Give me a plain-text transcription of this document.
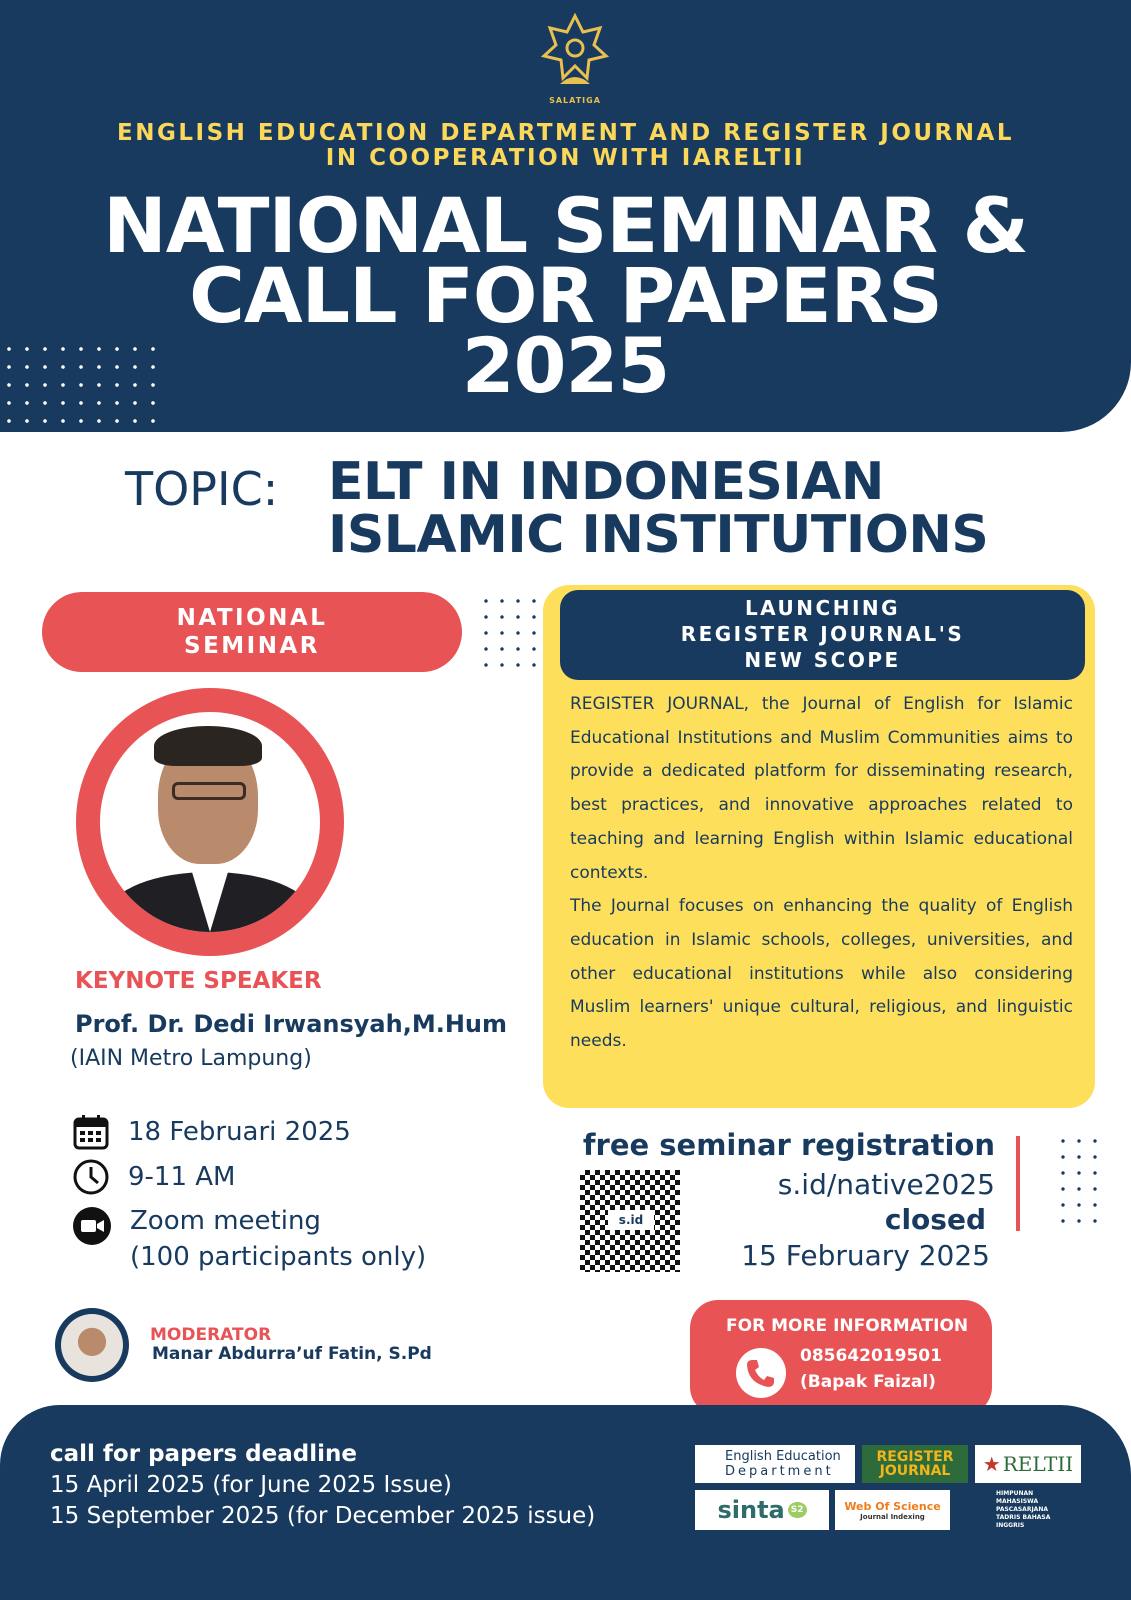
SALATIGA
ENGLISH EDUCATION DEPARTMENT AND REGISTER JOURNAL
IN COOPERATION WITH IARELTII
NATIONAL SEMINAR &
CALL FOR PAPERS
2025
TOPIC: ELT IN INDONESIAN
ISLAMIC INSTITUTIONS
NATIONAL
SEMINAR
KEYNOTE SPEAKER
Prof. Dr. Dedi Irwansyah,M.Hum
(IAIN Metro Lampung)
18 Februari 2025
9-11 AM
Zoom meeting
(100 participants only)
MODERATOR
Manar Abdurra’uf Fatin, S.Pd
LAUNCHING
REGISTER JOURNAL'S
NEW SCOPE

REGISTER JOURNAL, the Journal of English for Islamic Educational Institutions and Muslim Communities aims to provide a dedicated platform for disseminating research, best practices, and innovative approaches related to teaching and learning English within Islamic educational contexts.

The Journal focuses on enhancing the quality of English education in Islamic schools, colleges, universities, and other educational institutions while also considering Muslim learners' unique cultural, religious, and linguistic needs.

s.id
free seminar registration
s.id/native2025
closed
15 February 2025
FOR MORE INFORMATION
085642019501
(Bapak Faizal)
call for papers deadline
15 April 2025 (for June 2025 Issue)
15 September 2025 (for December 2025 issue)
English Education
Department
REGISTER
JOURNAL ★ RELTII
sinta S2	Web Of Science
Journal Indexing
HIMPUNAN MAHASISWA PASCASARJANA TADRIS BAHASA INGGRIS
